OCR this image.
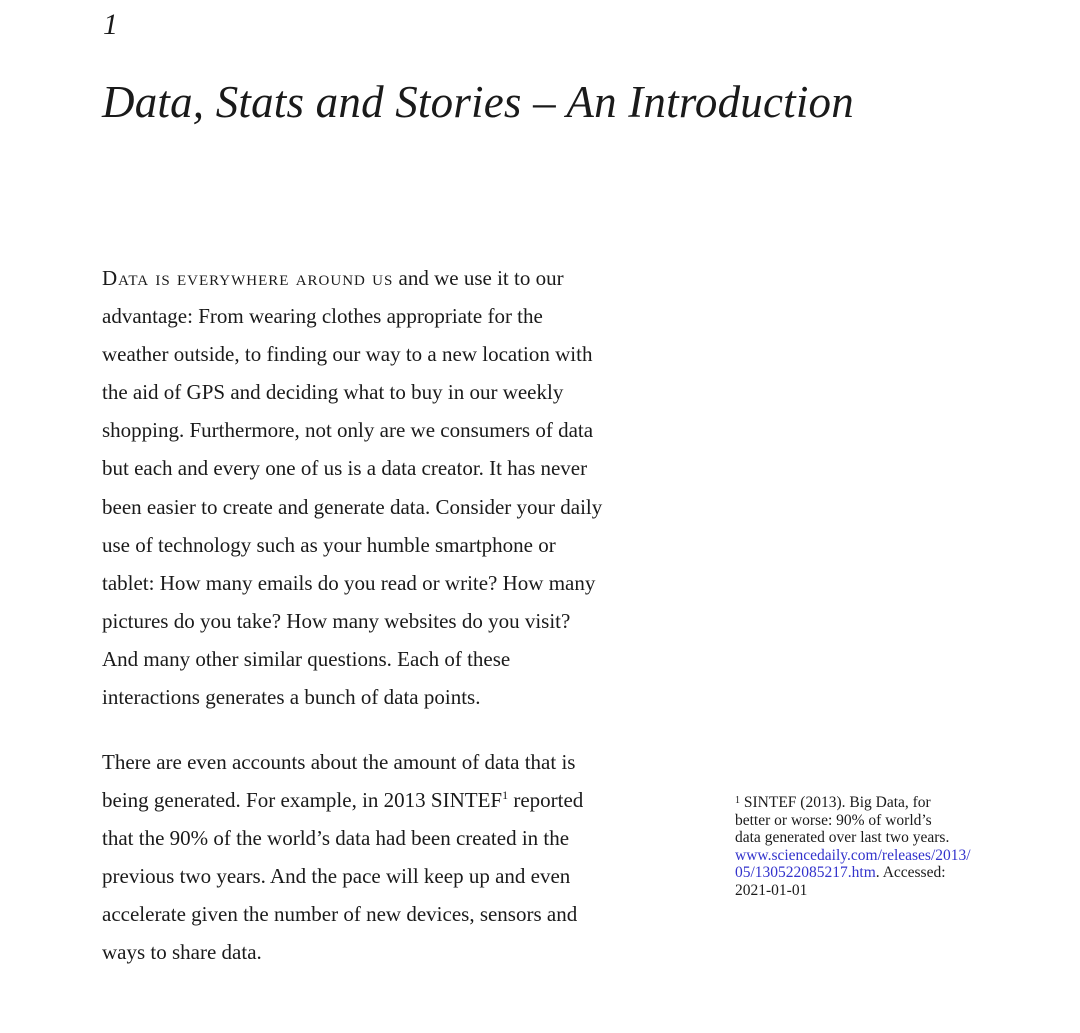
1
Data, Stats and Stories – An Introduction
Data is everywhere around us and we use it to our
advantage: From wearing clothes appropriate for the
weather outside, to finding our way to a new location with
the aid of GPS and deciding what to buy in our weekly
shopping. Furthermore, not only are we consumers of data
but each and every one of us is a data creator. It has never
been easier to create and generate data. Consider your daily
use of technology such as your humble smartphone or
tablet: How many emails do you read or write? How many
pictures do you take? How many websites do you visit?
And many other similar questions. Each of these
interactions generates a bunch of data points.
There are even accounts about the amount of data that is
being generated. For example, in 2013 SINTEF$^1$ reported
that the 90% of the world’s data had been created in the
previous two years. And the pace will keep up and even
accelerate given the number of new devices, sensors and
ways to share data.
$^1$ SINTEF (2013). Big Data, for
better or worse: 90% of world’s
data generated over last two years.
www.sciencedaily.com/releases/2013/
05/130522085217.htm. Accessed:
2021-01-01
